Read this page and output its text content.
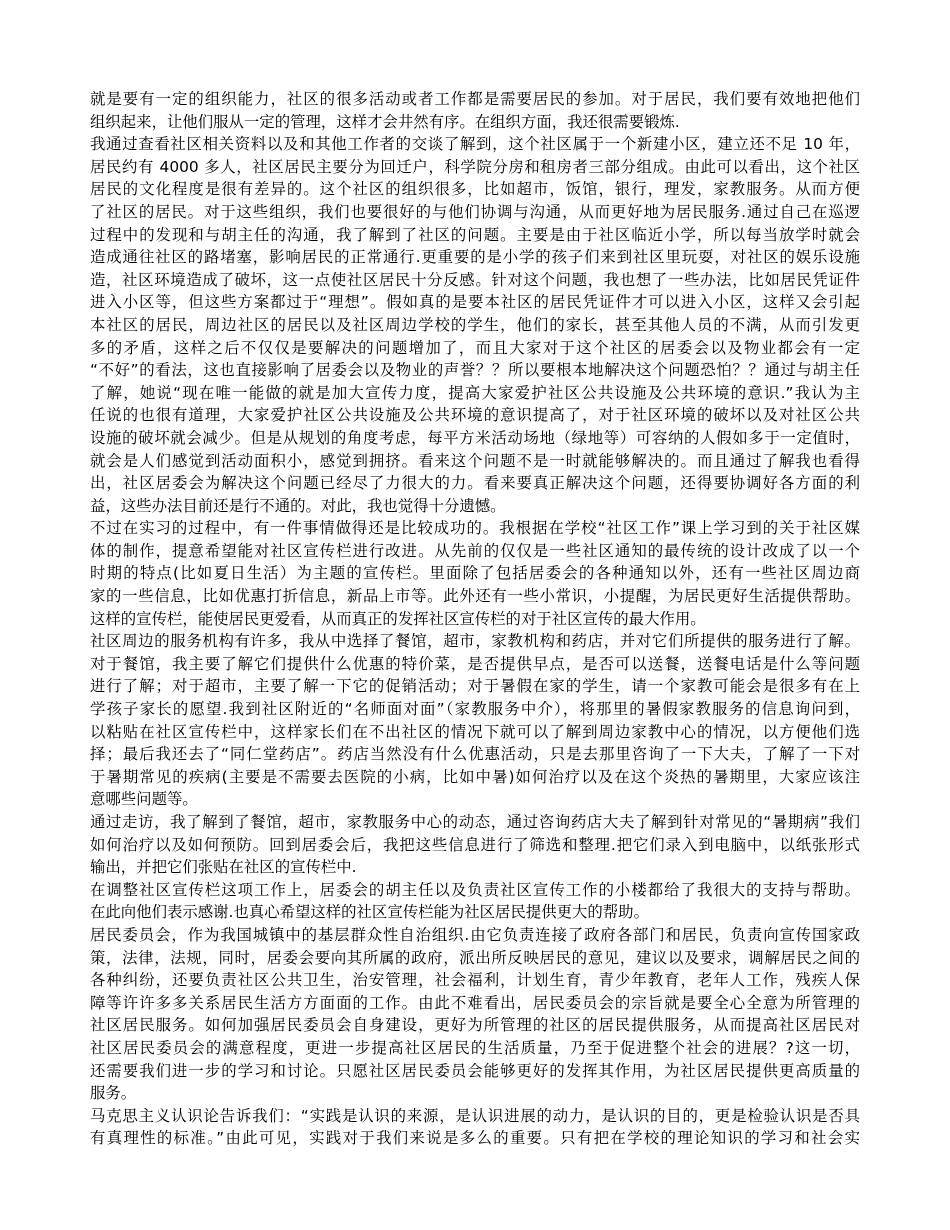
就是要有一定的组织能力，社区的很多活动或者工作都是需要居民的参加。对于居民，我们要有效地把他们
组织起来，让他们服从一定的管理，这样才会井然有序。在组织方面，我还很需要锻炼.
我通过查看社区相关资料以及和其他工作者的交谈了解到，这个社区属于一个新建小区，建立还不足 10 年，
居民约有 4000 多人，社区居民主要分为回迁户，科学院分房和租房者三部分组成。由此可以看出，这个社区
居民的文化程度是很有差异的。这个社区的组织很多，比如超市，饭馆，银行，理发，家教服务。从而方便
了社区的居民。对于这些组织，我们也要很好的与他们协调与沟通，从而更好地为居民服务.通过自己在巡逻
过程中的发现和与胡主任的沟通，我了解到了社区的问题。主要是由于社区临近小学，所以每当放学时就会
造成通往社区的路堵塞，影响居民的正常通行.更重要的是小学的孩子们来到社区里玩耍，对社区的娱乐设施
造，社区环境造成了破坏，这一点使社区居民十分反感。针对这个问题，我也想了一些办法，比如居民凭证件
进入小区等，但这些方案都过于“理想”。假如真的是要本社区的居民凭证件才可以进入小区，这样又会引起
本社区的居民，周边社区的居民以及社区周边学校的学生，他们的家长，甚至其他人员的不满，从而引发更
多的矛盾，这样之后不仅仅是要解决的问题增加了，而且大家对于这个社区的居委会以及物业都会有一定
“不好”的看法，这也直接影响了居委会以及物业的声誉？？所以要根本地解决这个问题恐怕？？通过与胡主任
了解，她说“现在唯一能做的就是加大宣传力度，提高大家爱护社区公共设施及公共环境的意识.”我认为主
任说的也很有道理，大家爱护社区公共设施及公共环境的意识提高了，对于社区环境的破坏以及对社区公共
设施的破坏就会减少。但是从规划的角度考虑，每平方米活动场地（绿地等）可容纳的人假如多于一定值时，
就会是人们感觉到活动面积小，感觉到拥挤。看来这个问题不是一时就能够解决的。而且通过了解我也看得
出，社区居委会为解决这个问题已经尽了力很大的力。看来要真正解决这个问题，还得要协调好各方面的利
益，这些办法目前还是行不通的。对此，我也觉得十分遗憾。
不过在实习的过程中，有一件事情做得还是比较成功的。我根据在学校“社区工作”课上学习到的关于社区媒
体的制作，提意希望能对社区宣传栏进行改进。从先前的仅仅是一些社区通知的最传统的设计改成了以一个
时期的特点(比如夏日生活）为主题的宣传栏。里面除了包括居委会的各种通知以外，还有一些社区周边商
家的一些信息，比如优惠打折信息，新品上市等。此外还有一些小常识，小提醒，为居民更好生活提供帮助。
这样的宣传栏，能使居民更爱看，从而真正的发挥社区宣传栏的对于社区宣传的最大作用。
社区周边的服务机构有许多，我从中选择了餐馆，超市，家教机构和药店，并对它们所提供的服务进行了解。
对于餐馆，我主要了解它们提供什么优惠的特价菜，是否提供早点，是否可以送餐，送餐电话是什么等问题
进行了解；对于超市，主要了解一下它的促销活动；对于暑假在家的学生，请一个家教可能会是很多有在上
学孩子家长的愿望.我到社区附近的“名师面对面”（家教服务中介），将那里的暑假家教服务的信息询问到，
以粘贴在社区宣传栏中，这样家长们在不出社区的情况下就可以了解到周边家教中心的情况，以方便他们选
择；最后我还去了“同仁堂药店”。药店当然没有什么优惠活动，只是去那里咨询了一下大夫，了解了一下对
于暑期常见的疾病(主要是不需要去医院的小病，比如中暑)如何治疗以及在这个炎热的暑期里，大家应该注
意哪些问题等。
通过走访，我了解到了餐馆，超市，家教服务中心的动态，通过咨询药店大夫了解到针对常见的“暑期病”我们
如何治疗以及如何预防。回到居委会后，我把这些信息进行了筛选和整理.把它们录入到电脑中，以纸张形式
输出，并把它们张贴在社区的宣传栏中.
在调整社区宣传栏这项工作上，居委会的胡主任以及负责社区宣传工作的小楼都给了我很大的支持与帮助。
在此向他们表示感谢.也真心希望这样的社区宣传栏能为社区居民提供更大的帮助。
居民委员会，作为我国城镇中的基层群众性自治组织.由它负责连接了政府各部门和居民，负责向宣传国家政
策，法律，法规，同时，居委会要向其所属的政府，派出所反映居民的意见，建议以及要求，调解居民之间的
各种纠纷，还要负责社区公共卫生，治安管理，社会福利，计划生育，青少年教育，老年人工作，残疾人保
障等许许多多关系居民生活方方面面的工作。由此不难看出，居民委员会的宗旨就是要全心全意为所管理的
社区居民服务。如何加强居民委员会自身建设，更好为所管理的社区的居民提供服务，从而提高社区居民对
社区居民委员会的满意程度，更进一步提高社区居民的生活质量，乃至于促进整个社会的进展？?这一切，
还需要我们进一步的学习和讨论。只愿社区居民委员会能够更好的发挥其作用，为社区居民提供更高质量的
服务。
马克思主义认识论告诉我们：“实践是认识的来源，是认识进展的动力，是认识的目的，更是检验认识是否具
有真理性的标准。”由此可见，实践对于我们来说是多么的重要。只有把在学校的理论知识的学习和社会实
